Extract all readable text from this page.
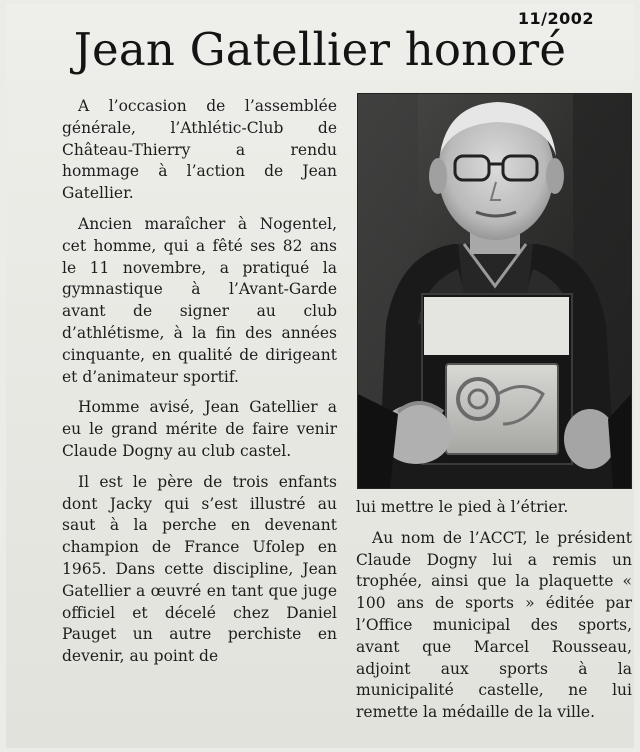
11/2002
Jean Gatellier honoré

A l’occasion de l’assemblée générale, l’Athlétic-Club de Château-Thierry a rendu hommage à l’action de Jean Gatellier.

Ancien maraîcher à Nogentel, cet homme, qui a fêté ses 82 ans le 11 novembre, a pratiqué la gymnastique à l’Avant-Garde avant de signer au club d’athlétisme, à la fin des années cinquante, en qualité de dirigeant et d’animateur sportif.

Homme avisé, Jean Gatellier a eu le grand mérite de faire venir Claude Dogny au club castel.

Il est le père de trois enfants dont Jacky qui s’est illustré au saut à la perche en devenant champion de France Ufolep en 1965. Dans cette discipline, Jean Gatellier a œuvré en tant que juge officiel et décelé chez Daniel Pauget un autre perchiste en devenir, au point de

lui mettre le pied à l’étrier.

Au nom de l’ACCT, le président Claude Dogny lui a remis un trophée, ainsi que la plaquette « 100 ans de sports » éditée par l’Office municipal des sports, avant que Marcel Rousseau, adjoint aux sports à la municipalité castelle, ne lui remette la médaille de la ville.
